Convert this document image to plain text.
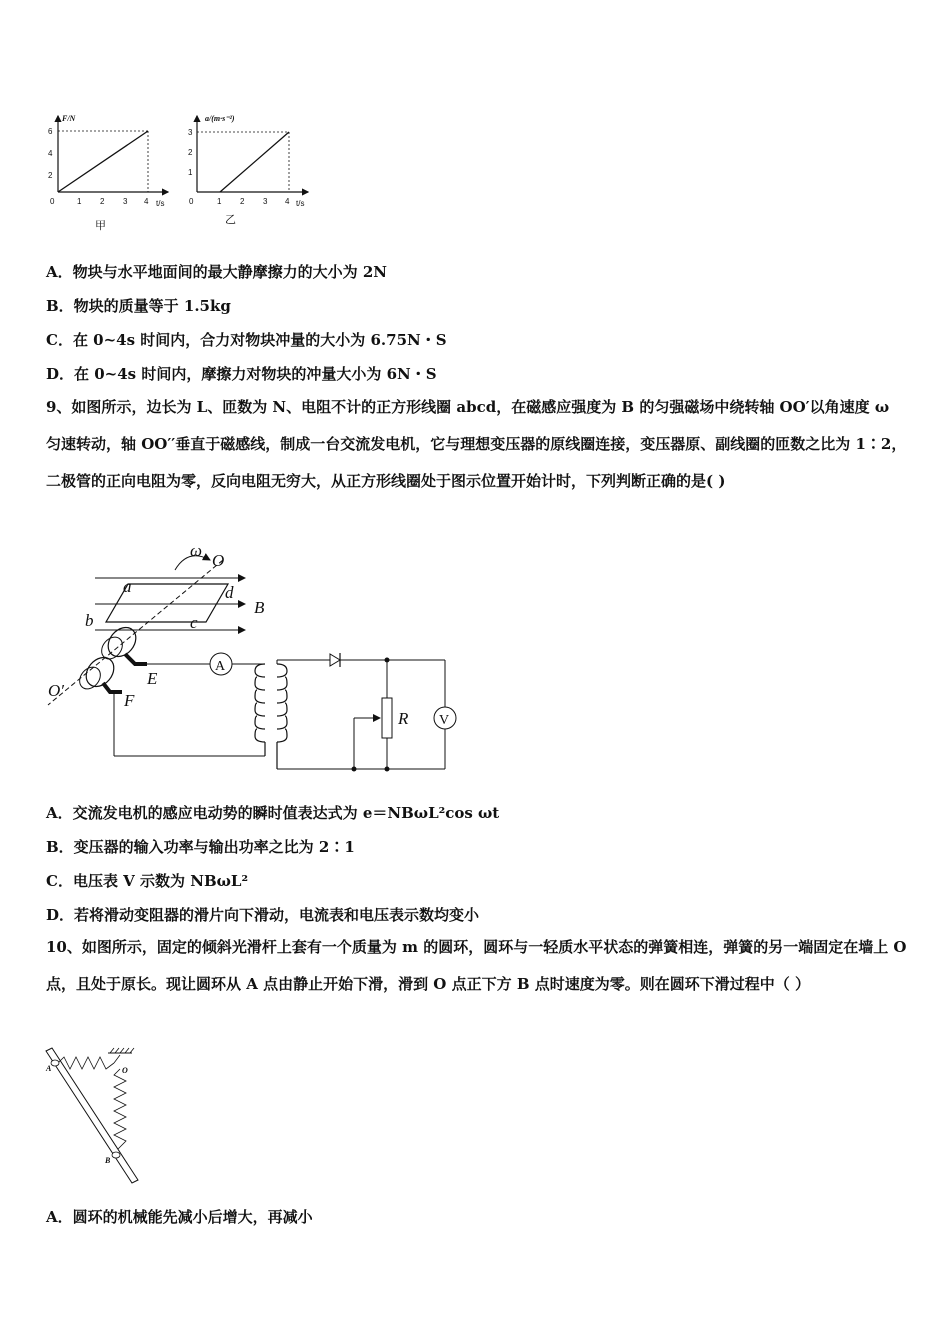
F/N
t/s
0
2
4
6
1 2 3 4
甲
a/(m·s⁻²)
t/s
0
1
2
3
1 2 3 4
乙
A．物块与水平地面间的最大静摩擦力的大小为 2N
B．物块的质量等于 1.5kg
C．在 0~4s 时间内，合力对物块冲量的大小为 6.75N・S
D．在 0~4s 时间内，摩擦力对物块的冲量大小为 6N・S
9、如图所示，边长为 L、匝数为 N、电阻不计的正方形线圈 abcd，在磁感应强度为 B 的匀强磁场中绕转轴 OO′以角速度 ω 匀速转动，轴 OO′′垂直于磁感线，制成一台交流发电机，它与理想变压器的原线圈连接，变压器原、副线圈的匝数之比为 1∶2，二极管的正向电阻为零，反向电阻无穷大，从正方形线圈处于图示位置开始计时，下列判断正确的是( )
ω
O
a	d
B
b	c
E
O′
F
A
R V
A．交流发电机的感应电动势的瞬时值表达式为 e＝NBωL²cos ωt
B．变压器的输入功率与输出功率之比为 2∶1
C．电压表 V 示数为 NBωL²
D．若将滑动变阻器的滑片向下滑动，电流表和电压表示数均变小
10、如图所示，固定的倾斜光滑杆上套有一个质量为 m 的圆环，圆环与一轻质水平状态的弹簧相连，弹簧的另一端固定在墙上 O 点，且处于原长。现让圆环从 A 点由静止开始下滑，滑到 O 点正下方 B 点时速度为零。则在圆环下滑过程中（ ）
A	O
B
A．圆环的机械能先减小后增大，再减小
